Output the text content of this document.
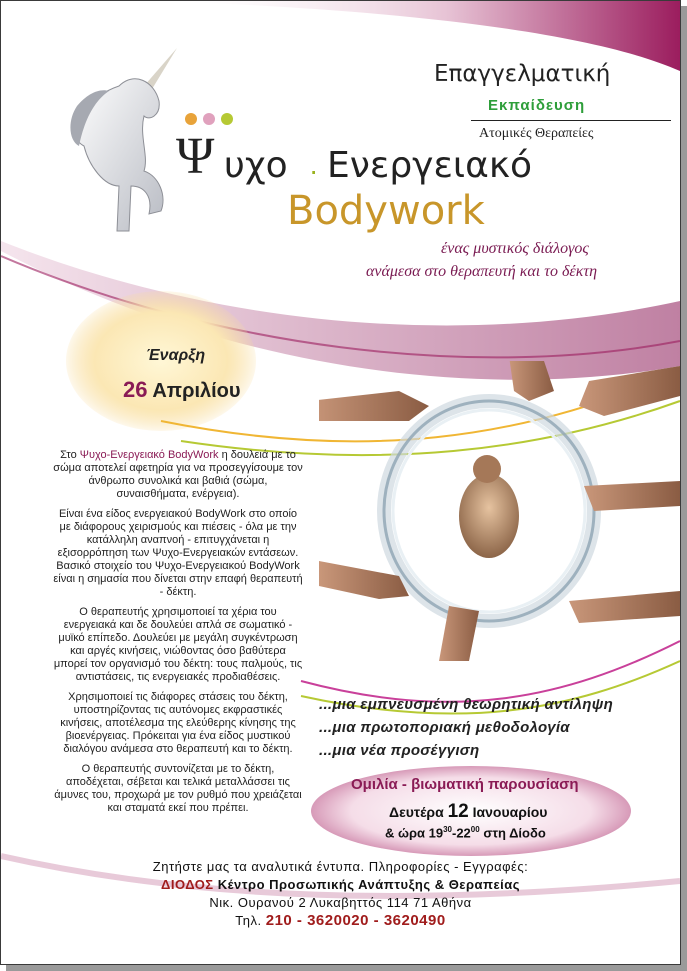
Επαγγελματική
Εκπαίδευση
Ατομικές Θεραπείες
Ψ υχο · Ενεργειακό
Bodywork
ένας μυστικός διάλογος
ανάμεσα στο θεραπευτή και το δέκτη
Έναρξη
26 Απριλίου

Στο Ψυχο-Ενεργειακό BodyWork η δουλειά με το σώμα αποτελεί αφετηρία για να προσεγγίσουμε τον άνθρωπο συνολικά και βαθιά (σώμα, συναισθήματα, ενέργεια).

Είναι ένα είδος ενεργειακού BodyWork στο οποίο με διάφορους χειρισμούς και πιέσεις - όλα με την κατάλληλη αναπνοή - επιτυγχάνεται η εξισορρόπηση των Ψυχο-Ενεργειακών εντάσεων. Βασικό στοιχείο του Ψυχο-Ενεργειακού BodyWork είναι η σημασία που δίνεται στην επαφή θεραπευτή - δέκτη.

Ο θεραπευτής χρησιμοποιεί τα χέρια του ενεργειακά και δε δουλεύει απλά σε σωματικό - μυϊκό επίπεδο. Δουλεύει με μεγάλη συγκέντρωση και αργές κινήσεις, νιώθοντας όσο βαθύτερα μπορεί τον οργανισμό του δέκτη: τους παλμούς, τις αντιστάσεις, τις ενεργειακές προδιαθέσεις.

Χρησιμοποιεί τις διάφορες στάσεις του δέκτη, υποστηρίζοντας τις αυτόνομες εκφραστικές κινήσεις, αποτέλεσμα της ελεύθερης κίνησης της βιοενέργειας. Πρόκειται για ένα είδος μυστικού διαλόγου ανάμεσα στο θεραπευτή και το δέκτη.

Ο θεραπευτής συντονίζεται με το δέκτη, αποδέχεται, σέβεται και τελικά μεταλλάσσει τις άμυνες του, προχωρά με τον ρυθμό που χρειάζεται και σταματά εκεί που πρέπει.

...μια εμπνευσμένη θεωρητική αντίληψη
...μια πρωτοποριακή μεθοδολογία
...μια νέα προσέγγιση
Ομιλία - βιωματική παρουσίαση
Δευτέρα 12 Ιανουαρίου
& ώρα $19^{30}-22^{00}$ στη Δίοδο
Ζητήστε μας τα αναλυτικά έντυπα. Πληροφορίες - Εγγραφές:
ΔΙΟΔΟΣ Κέντρο Προσωπικής Ανάπτυξης & Θεραπείας
Νικ. Ουρανού 2 Λυκαβηττός 114 71 Αθήνα
Τηλ. 210 - 3620020 - 3620490
